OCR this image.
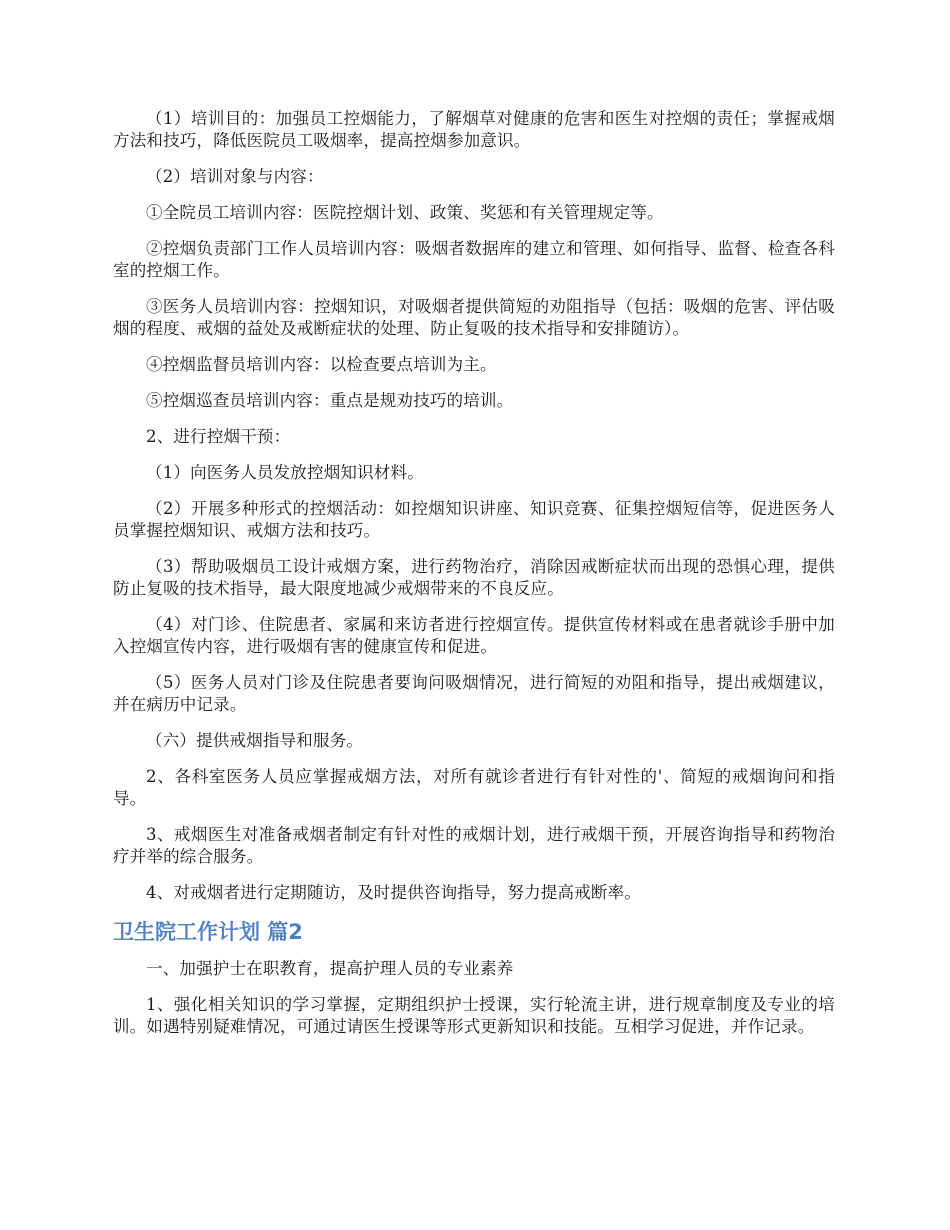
（1）培训目的：加强员工控烟能力，了解烟草对健康的危害和医生对控烟的责任；掌握戒烟方法和技巧，降低医院员工吸烟率，提高控烟参加意识。

（2）培训对象与内容：

①全院员工培训内容：医院控烟计划、政策、奖惩和有关管理规定等。

②控烟负责部门工作人员培训内容：吸烟者数据库的建立和管理、如何指导、监督、检查各科室的控烟工作。

③医务人员培训内容：控烟知识，对吸烟者提供简短的劝阻指导（包括：吸烟的危害、评估吸烟的程度、戒烟的益处及戒断症状的处理、防止复吸的技术指导和安排随访）。

④控烟监督员培训内容：以检查要点培训为主。

⑤控烟巡查员培训内容：重点是规劝技巧的培训。

2、进行控烟干预：

（1）向医务人员发放控烟知识材料。

（2）开展多种形式的控烟活动：如控烟知识讲座、知识竞赛、征集控烟短信等，促进医务人员掌握控烟知识、戒烟方法和技巧。

（3）帮助吸烟员工设计戒烟方案，进行药物治疗，消除因戒断症状而出现的恐惧心理，提供防止复吸的技术指导，最大限度地减少戒烟带来的不良反应。

（4）对门诊、住院患者、家属和来访者进行控烟宣传。提供宣传材料或在患者就诊手册中加入控烟宣传内容，进行吸烟有害的健康宣传和促进。

（5）医务人员对门诊及住院患者要询问吸烟情况，进行简短的劝阻和指导，提出戒烟建议，并在病历中记录。

（六）提供戒烟指导和服务。

2、各科室医务人员应掌握戒烟方法，对所有就诊者进行有针对性的'、简短的戒烟询问和指导。

3、戒烟医生对准备戒烟者制定有针对性的戒烟计划，进行戒烟干预，开展咨询指导和药物治疗并举的综合服务。

4、对戒烟者进行定期随访，及时提供咨询指导，努力提高戒断率。

卫生院工作计划 篇2

一、加强护士在职教育，提高护理人员的专业素养

1、强化相关知识的学习掌握，定期组织护士授课，实行轮流主讲，进行规章制度及专业的培训。如遇特别疑难情况，可通过请医生授课等形式更新知识和技能。互相学习促进，并作记录。
